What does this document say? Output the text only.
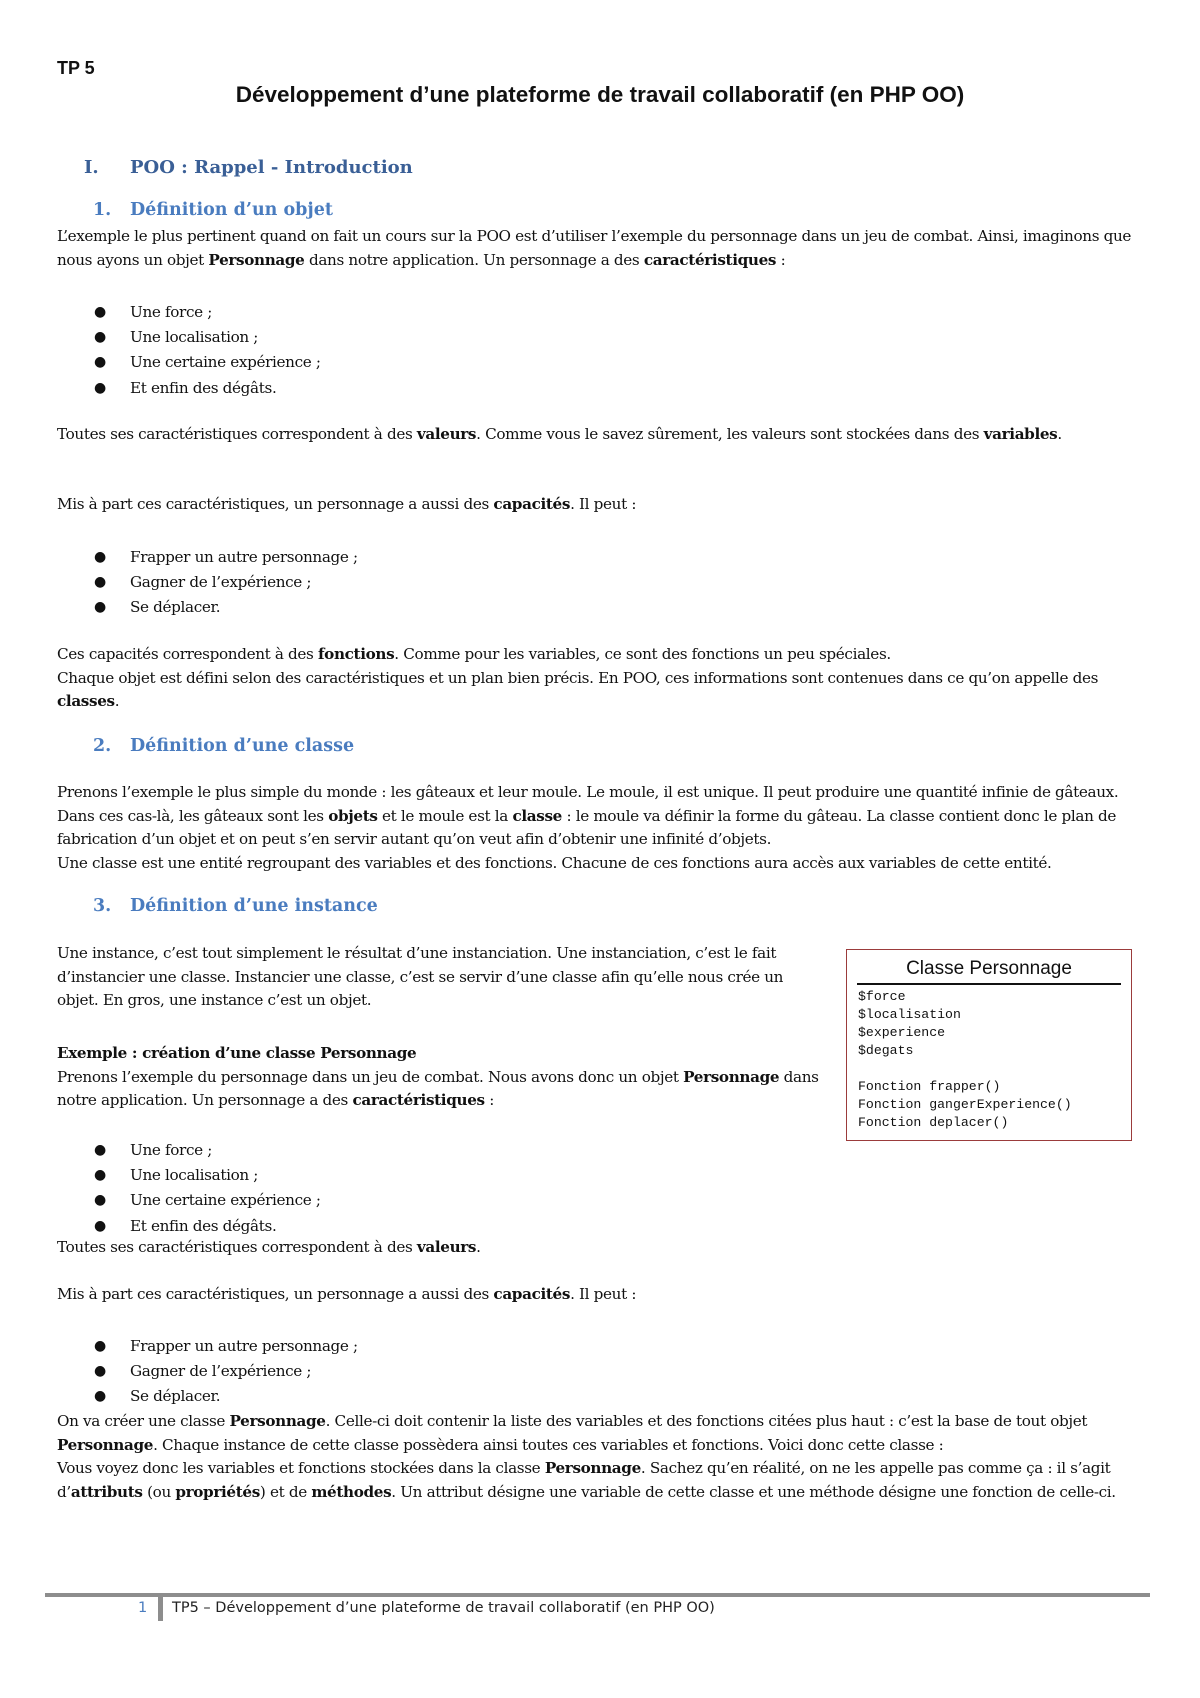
TP 5
Développement d’une plateforme de travail collaboratif (en PHP OO)
I. POO : Rappel - Introduction
1. Définition d’un objet
L’exemple le plus pertinent quand on fait un cours sur la POO est d’utiliser l’exemple du personnage dans un jeu de combat. Ainsi, imaginons que nous ayons un objet Personnage dans notre application. Un personnage a des caractéristiques :
● Une force ;
● Une localisation ;
● Une certaine expérience ;
● Et enfin des dégâts.
Toutes ses caractéristiques correspondent à des valeurs. Comme vous le savez sûrement, les valeurs sont stockées dans des variables.
Mis à part ces caractéristiques, un personnage a aussi des capacités. Il peut :
● Frapper un autre personnage ;
● Gagner de l’expérience ;
● Se déplacer.
Ces capacités correspondent à des fonctions. Comme pour les variables, ce sont des fonctions un peu spéciales.
Chaque objet est défini selon des caractéristiques et un plan bien précis. En POO, ces informations sont contenues dans ce qu’on appelle des classes.
2. Définition d’une classe
Prenons l’exemple le plus simple du monde : les gâteaux et leur moule. Le moule, il est unique. Il peut produire une quantité infinie de gâteaux. Dans ces cas-là, les gâteaux sont les objets et le moule est la classe : le moule va définir la forme du gâteau. La classe contient donc le plan de fabrication d’un objet et on peut s’en servir autant qu’on veut afin d’obtenir une infinité d’objets.
Une classe est une entité regroupant des variables et des fonctions. Chacune de ces fonctions aura accès aux variables de cette entité.
3. Définition d’une instance
Une instance, c’est tout simplement le résultat d’une instanciation. Une instanciation, c’est le fait d’instancier une classe. Instancier une classe, c’est se servir d’une classe afin qu’elle nous crée un objet. En gros, une instance c’est un objet.
Exemple : création d’une classe Personnage
Prenons l’exemple du personnage dans un jeu de combat. Nous avons donc un objet Personnage dans notre application. Un personnage a des caractéristiques :
● Une force ;
● Une localisation ;
● Une certaine expérience ;
● Et enfin des dégâts.
Toutes ses caractéristiques correspondent à des valeurs.
Mis à part ces caractéristiques, un personnage a aussi des capacités. Il peut :
● Frapper un autre personnage ;
● Gagner de l’expérience ;
● Se déplacer.
On va créer une classe Personnage. Celle-ci doit contenir la liste des variables et des fonctions citées plus haut : c’est la base de tout objet Personnage. Chaque instance de cette classe possèdera ainsi toutes ces variables et fonctions. Voici donc cette classe :
Vous voyez donc les variables et fonctions stockées dans la classe Personnage. Sachez qu’en réalité, on ne les appelle pas comme ça : il s’agit d’attributs (ou propriétés) et de méthodes. Un attribut désigne une variable de cette classe et une méthode désigne une fonction de celle-ci.
Classe Personnage
$force
$localisation
$experience
$degats

Fonction frapper()
Fonction gangerExperience()
Fonction deplacer()
1 TP5 – Développement d’une plateforme de travail collaboratif (en PHP OO)
